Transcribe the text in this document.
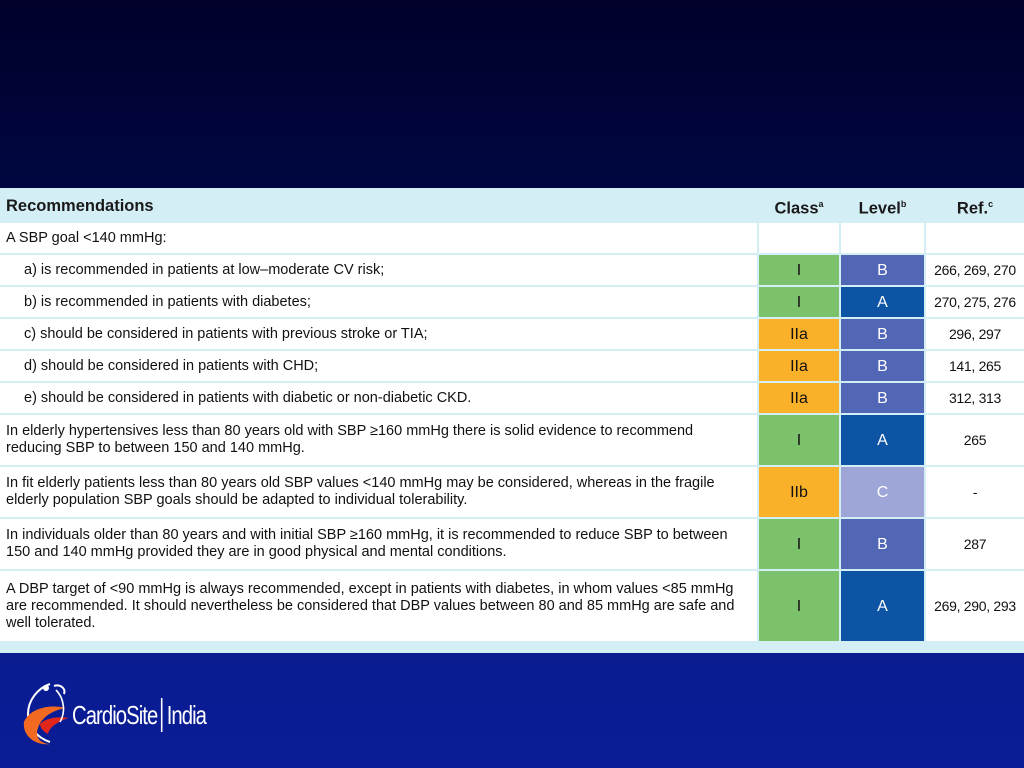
Recommendations	Class$^a$	Level$^b$	Ref.$^c$
A SBP goal <140 mmHg:			
a) is recommended in patients at low–moderate CV risk;	I	B	266, 269, 270
b) is recommended in patients with diabetes;	I	A	270, 275, 276
c) should be considered in patients with previous stroke or TIA;	IIa	B	296, 297
d) should be considered in patients with CHD;	IIa	B	141, 265
e) should be considered in patients with diabetic or non-diabetic CKD.	IIa	B	312, 313
In elderly hypertensives less than 80 years old with SBP ≥160 mmHg there is solid evidence to recommend reducing SBP to between 150 and 140 mmHg.	I	A	265
In fit elderly patients less than 80 years old SBP values <140 mmHg may be considered, whereas in the fragile elderly population SBP goals should be adapted to individual tolerability.	IIb	C	-
In individuals older than 80 years and with initial SBP ≥160 mmHg, it is recommended to reduce SBP to between 150 and 140 mmHg provided they are in good physical and mental conditions.	I	B	287
A DBP target of <90 mmHg is always recommended, except in patients with diabetes, in whom values <85 mmHg are recommended. It should nevertheless be considered that DBP values between 80 and 85 mmHg are safe and well tolerated.	I	A	269, 290, 293
CardioSite India
